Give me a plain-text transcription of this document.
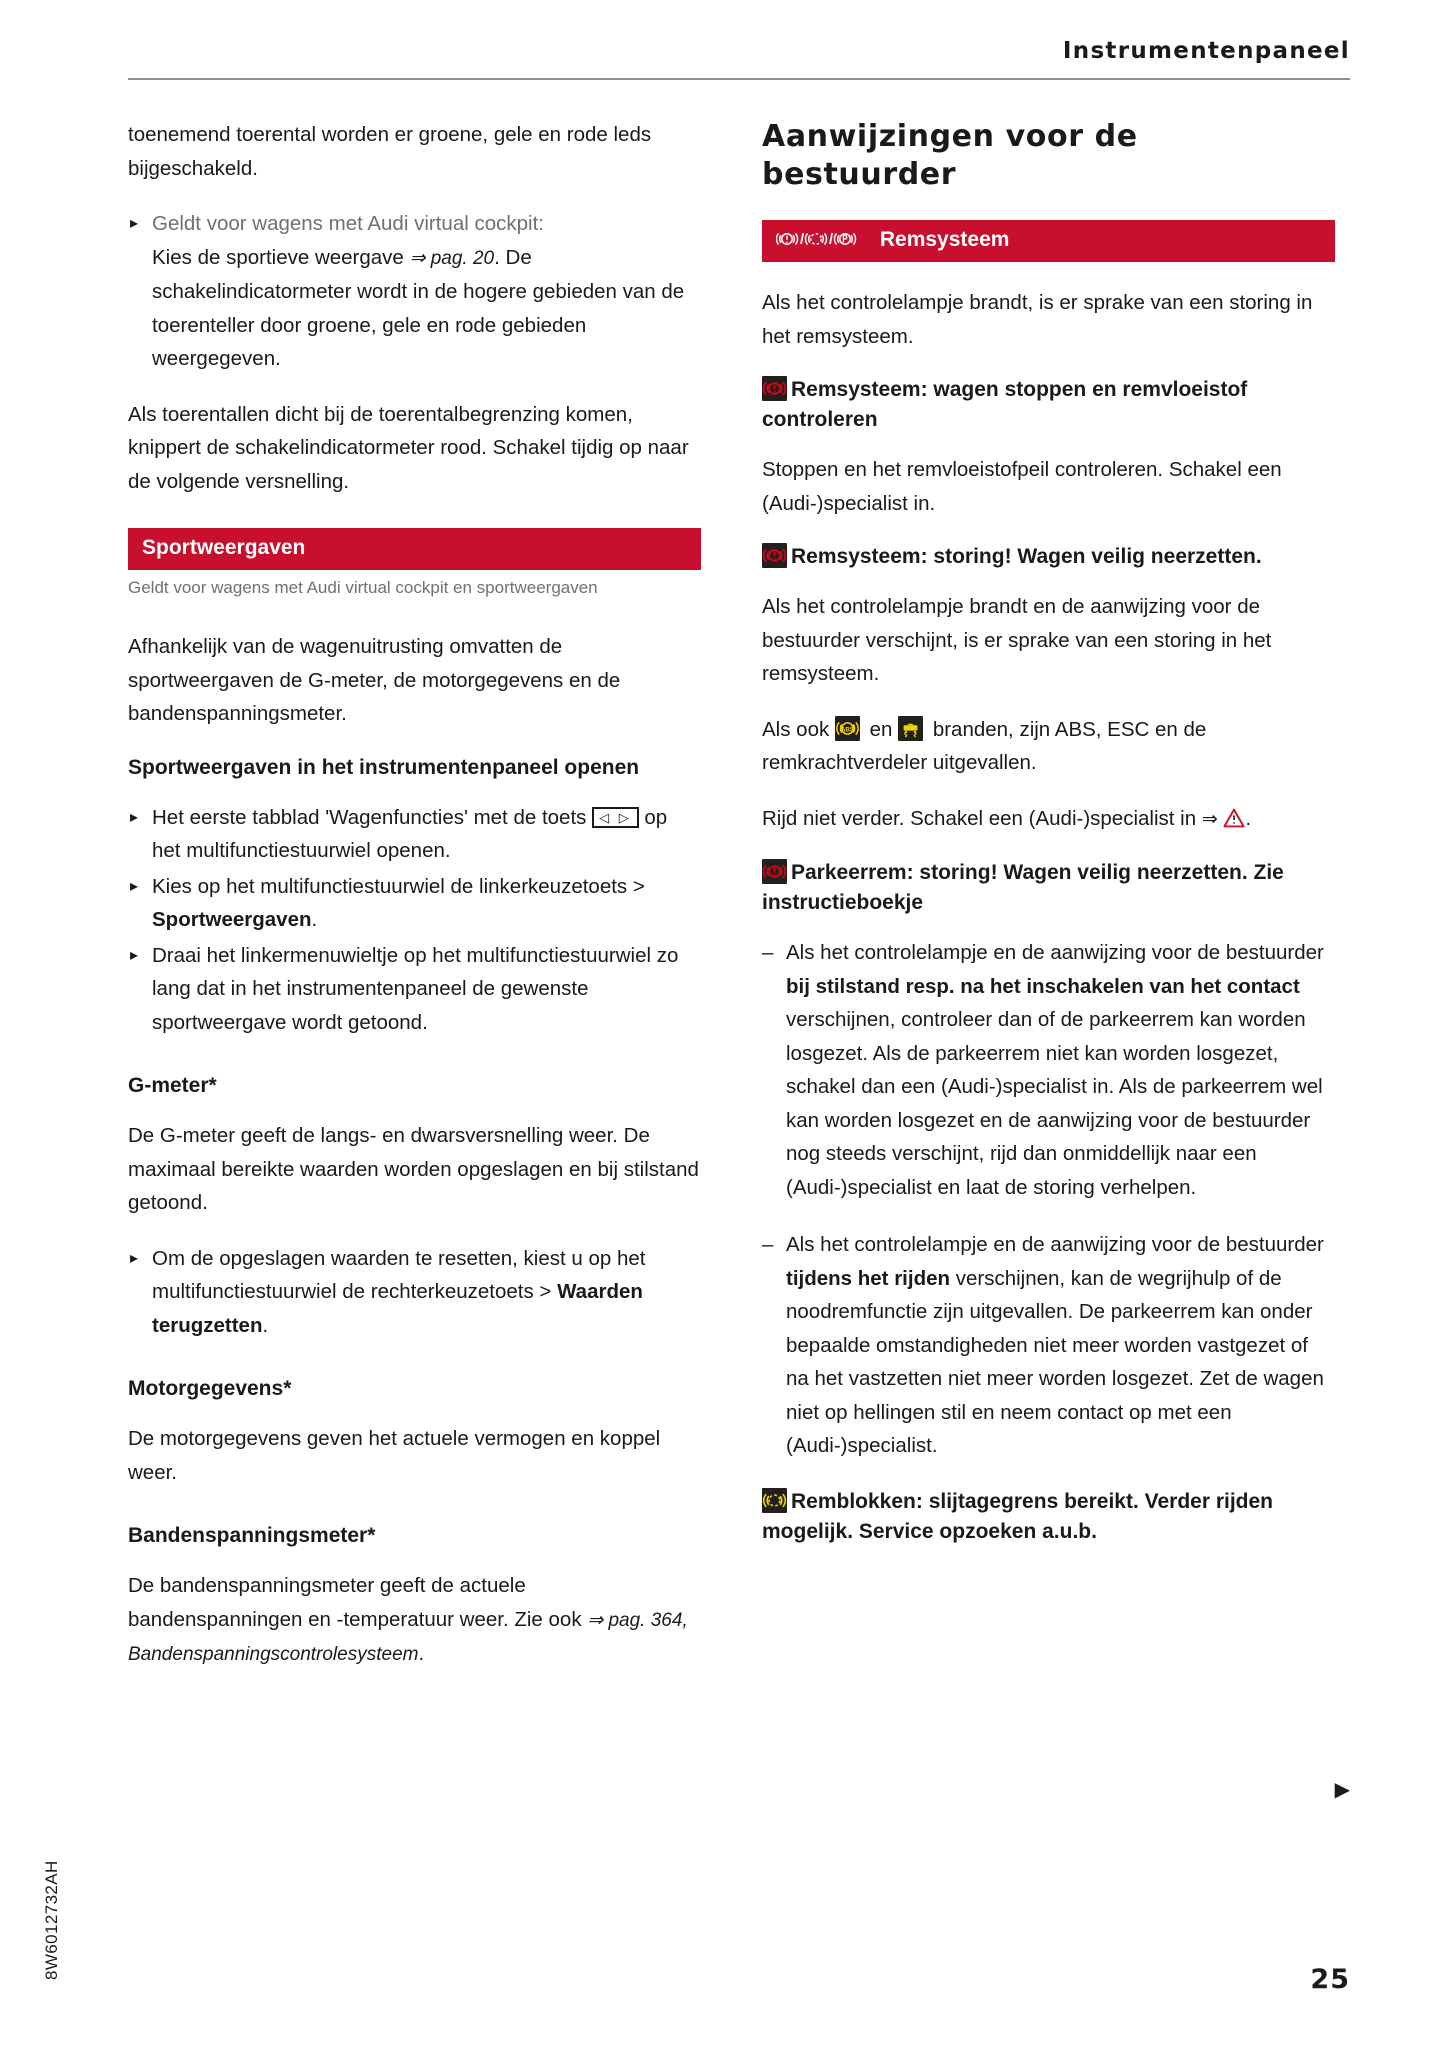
Instrumentenpaneel

toenemend toerental worden er groene, gele en rode leds bijgeschakeld.

▸ Geldt voor wagens met Audi virtual cockpit:
Kies de sportieve weergave ⇒ pag. 20. De schakelindicatormeter wordt in de hogere gebieden van de toerenteller door groene, gele en rode gebieden weergegeven.

Als toerentallen dicht bij de toerentalbegrenzing komen, knippert de schakelindicatormeter rood. Schakel tijdig op naar de volgende versnelling.

Sportweergaven
Geldt voor wagens met Audi virtual cockpit en sportweergaven

Afhankelijk van de wagenuitrusting omvatten de sportweergaven de G-meter, de motorgegevens en de bandenspanningsmeter.

Sportweergaven in het instrumentenpaneel openen
▸ Het eerste tabblad 'Wagenfuncties' met de toets ◁ ▷ op het multifunctiestuurwiel openen.
▸ Kies op het multifunctiestuurwiel de linkerkeuzetoets > Sportweergaven.
▸ Draai het linkermenuwieltje op het multifunctiestuurwiel zo lang dat in het instrumentenpaneel de gewenste sportweergave wordt getoond.
G-meter*

De G-meter geeft de langs- en dwarsversnelling weer. De maximaal bereikte waarden worden opgeslagen en bij stilstand getoond.

▸ Om de opgeslagen waarden te resetten, kiest u op het multifunctiestuurwiel de rechterkeuzetoets > Waarden terugzetten.
Motorgegevens*

De motorgegevens geven het actuele vermogen en koppel weer.

Bandenspanningsmeter*

De bandenspanningsmeter geeft de actuele bandenspanningen en -temperatuur weer. Zie ook ⇒ pag. 364, Bandenspanningscontrolesysteem.

Aanwijzingen voor de bestuurder
/ / Remsysteem

Als het controlelampje brandt, is er sprake van een storing in het remsysteem.

Remsysteem: wagen stoppen en remvloeistof controleren

Stoppen en het remvloeistofpeil controleren. Schakel een (Audi-)specialist in.

Remsysteem: storing! Wagen veilig neerzetten.

Als het controlelampje brandt en de aanwijzing voor de bestuurder verschijnt, is er sprake van een storing in het remsysteem.

Als ook ABS en
branden, zijn ABS, ESC en de remkrachtverdeler uitgevallen.

Rijd niet verder. Schakel een (Audi-)specialist in ⇒ .

Parkeerrem: storing! Wagen veilig neerzetten. Zie instructieboekje
– Als het controlelampje en de aanwijzing voor de bestuurder bij stilstand resp. na het inschakelen van het contact verschijnen, controleer dan of de parkeerrem kan worden losgezet. Als de parkeerrem niet kan worden losgezet, schakel dan een (Audi-)specialist in. Als de parkeerrem wel kan worden losgezet en de aanwijzing voor de bestuurder nog steeds verschijnt, rijd dan onmiddellijk naar een (Audi-)specialist en laat de storing verhelpen.
– Als het controlelampje en de aanwijzing voor de bestuurder tijdens het rijden verschijnen, kan de wegrijhulp of de noodremfunctie zijn uitgevallen. De parkeerrem kan onder bepaalde omstandigheden niet meer worden vastgezet of na het vastzetten niet meer worden losgezet. Zet de wagen niet op hellingen stil en neem contact op met een (Audi-)specialist.
Remblokken: slijtagegrens bereikt. Verder rijden mogelijk. Service opzoeken a.u.b.
▶
8W6012732AH	25
